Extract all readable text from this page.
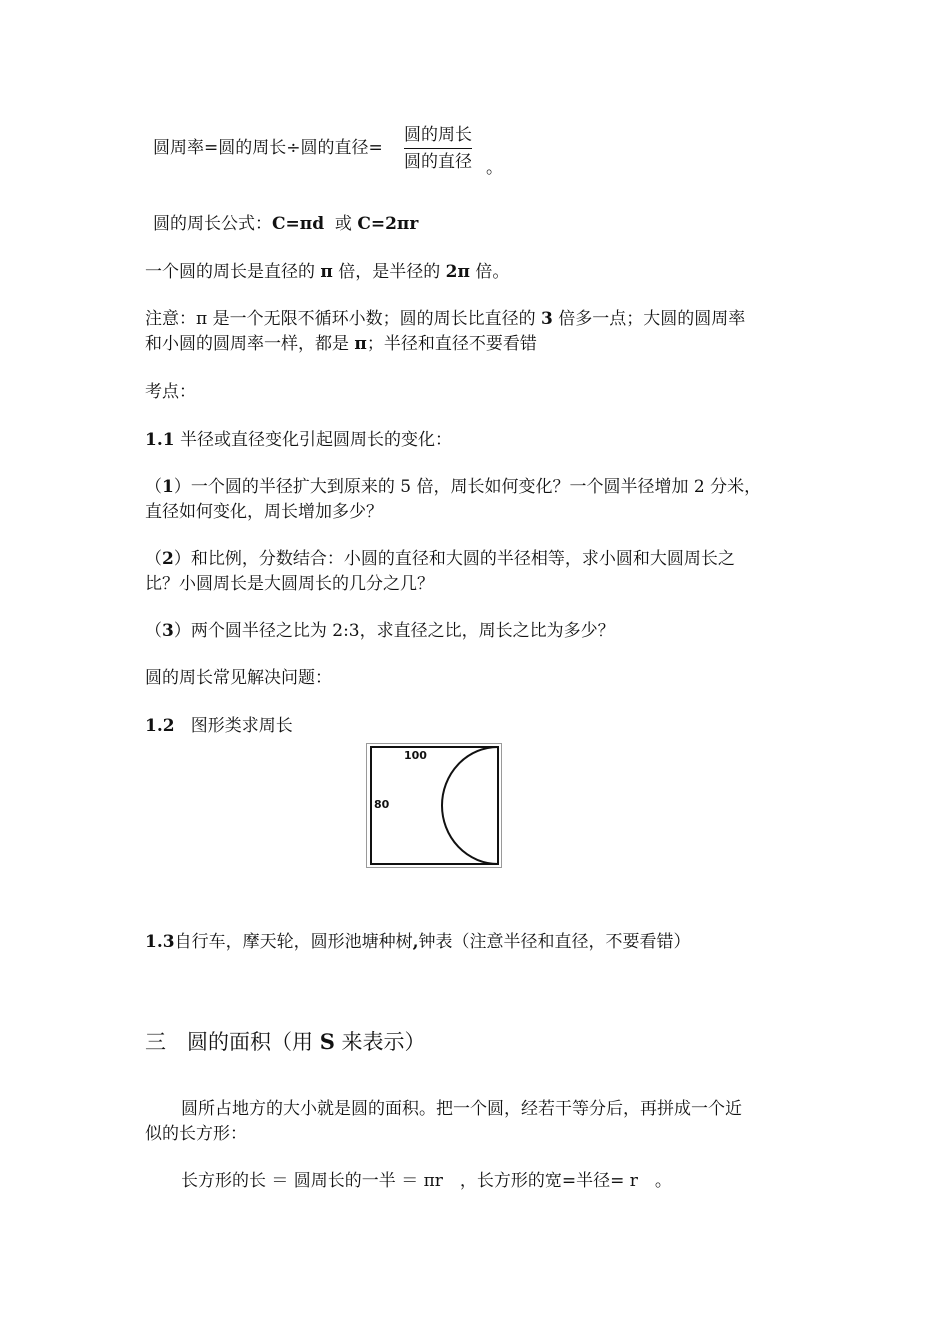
圆周率=圆的周长÷圆的直径=
圆的周长
圆的直径 。
圆的周长公式：C=πd 或 C=2πr
一个圆的周长是直径的 π 倍，是半径的 2π 倍。
注意：π 是一个无限不循环小数；圆的周长比直径的 3 倍多一点；大圆的圆周率
和小圆的圆周率一样，都是 π；半径和直径不要看错
考点：
1.1 半径或直径变化引起圆周长的变化：
（1）一个圆的半径扩大到原来的 5 倍，周长如何变化？一个圆半径增加 2 分米，
直径如何变化，周长增加多少？
（2）和比例，分数结合：小圆的直径和大圆的半径相等，求小圆和大圆周长之
比？小圆周长是大圆周长的几分之几？
（3）两个圆半径之比为 2:3，求直径之比，周长之比为多少？
圆的周长常见解决问题：
1.2 图形类求周长
100
80
1.3自行车，摩天轮，圆形池塘种树,钟表（注意半径和直径，不要看错）
三　圆的面积（用 S 来表示）
圆所占地方的大小就是圆的面积。把一个圆，经若干等分后，再拼成一个近
似的长方形：
长方形的长 ＝ 圆周长的一半 ＝ πr　，长方形的宽=半径= r　。
